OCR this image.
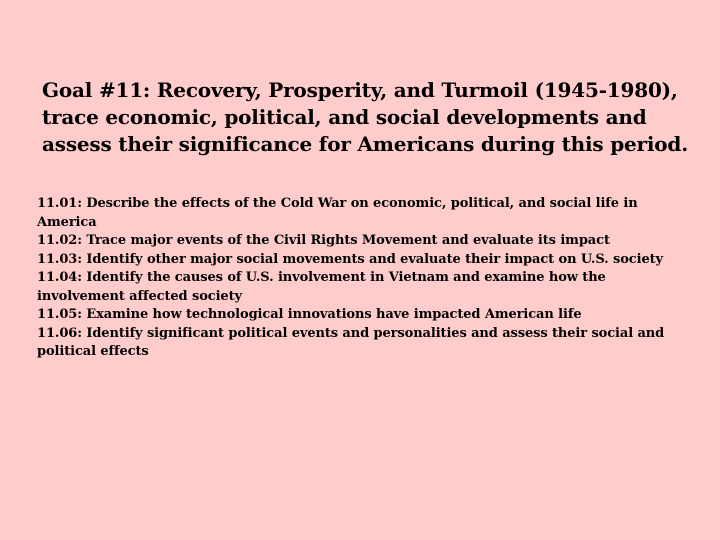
Goal #11: Recovery, Prosperity, and Turmoil (1945-1980), trace economic, political, and social developments and assess their significance for Americans during this period.
11.01: Describe the effects of the Cold War on economic, political, and social life in America
11.02: Trace major events of the Civil Rights Movement and evaluate its impact
11.03: Identify other major social movements and evaluate their impact on U.S. society
11.04: Identify the causes of U.S. involvement in Vietnam and examine how the involvement affected society
11.05: Examine how technological innovations have impacted American life
11.06: Identify significant political events and personalities and assess their social and political effects
